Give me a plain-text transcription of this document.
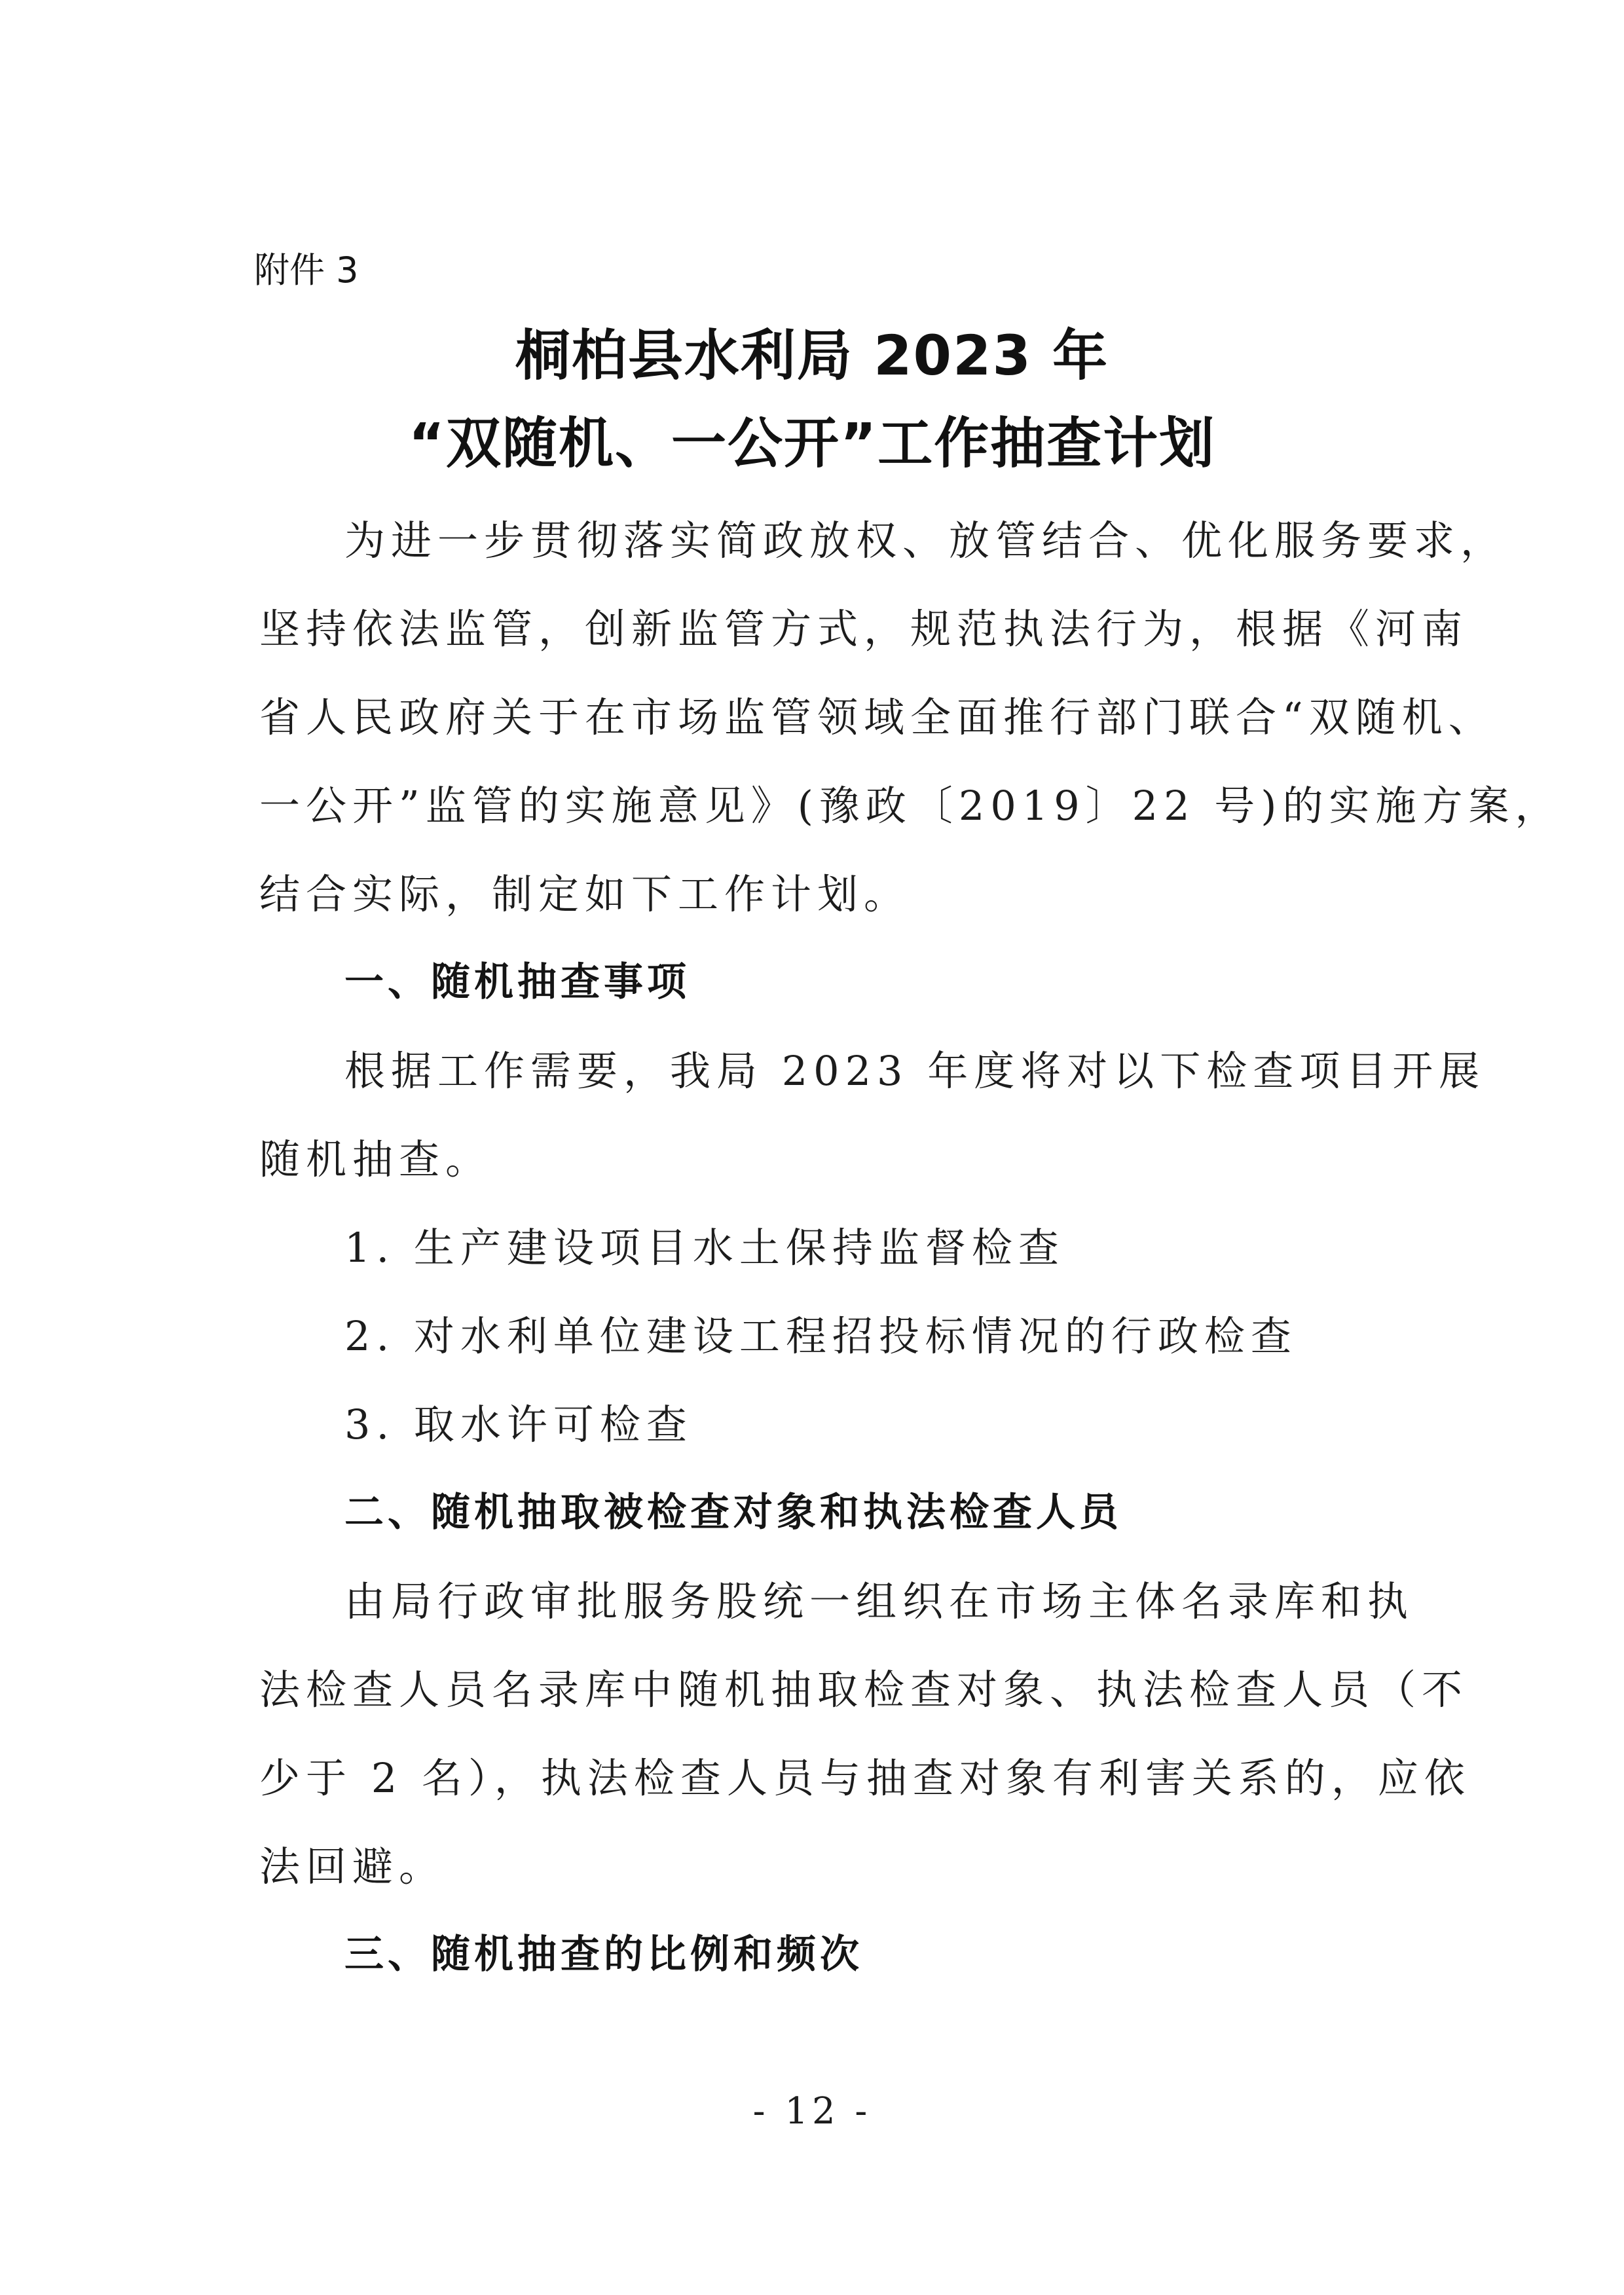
附件 3
桐柏县水利局 2023 年
“双随机、一公开”工作抽查计划
为进一步贯彻落实简政放权、放管结合、优化服务要求，
坚持依法监管，创新监管方式，规范执法行为，根据《河南
省人民政府关于在市场监管领域全面推行部门联合“双随机、
一公开”监管的实施意见》(豫政〔2019〕22 号)的实施方案，
结合实际，制定如下工作计划。
一、随机抽查事项
根据工作需要，我局 2023 年度将对以下检查项目开展
随机抽查。
1. 生产建设项目水土保持监督检查
2. 对水利单位建设工程招投标情况的行政检查
3. 取水许可检查
二、随机抽取被检查对象和执法检查人员
由局行政审批服务股统一组织在市场主体名录库和执
法检查人员名录库中随机抽取检查对象、执法检查人员（不
少于 2 名），执法检查人员与抽查对象有利害关系的，应依
法回避。
三、随机抽查的比例和频次
- 12 -
